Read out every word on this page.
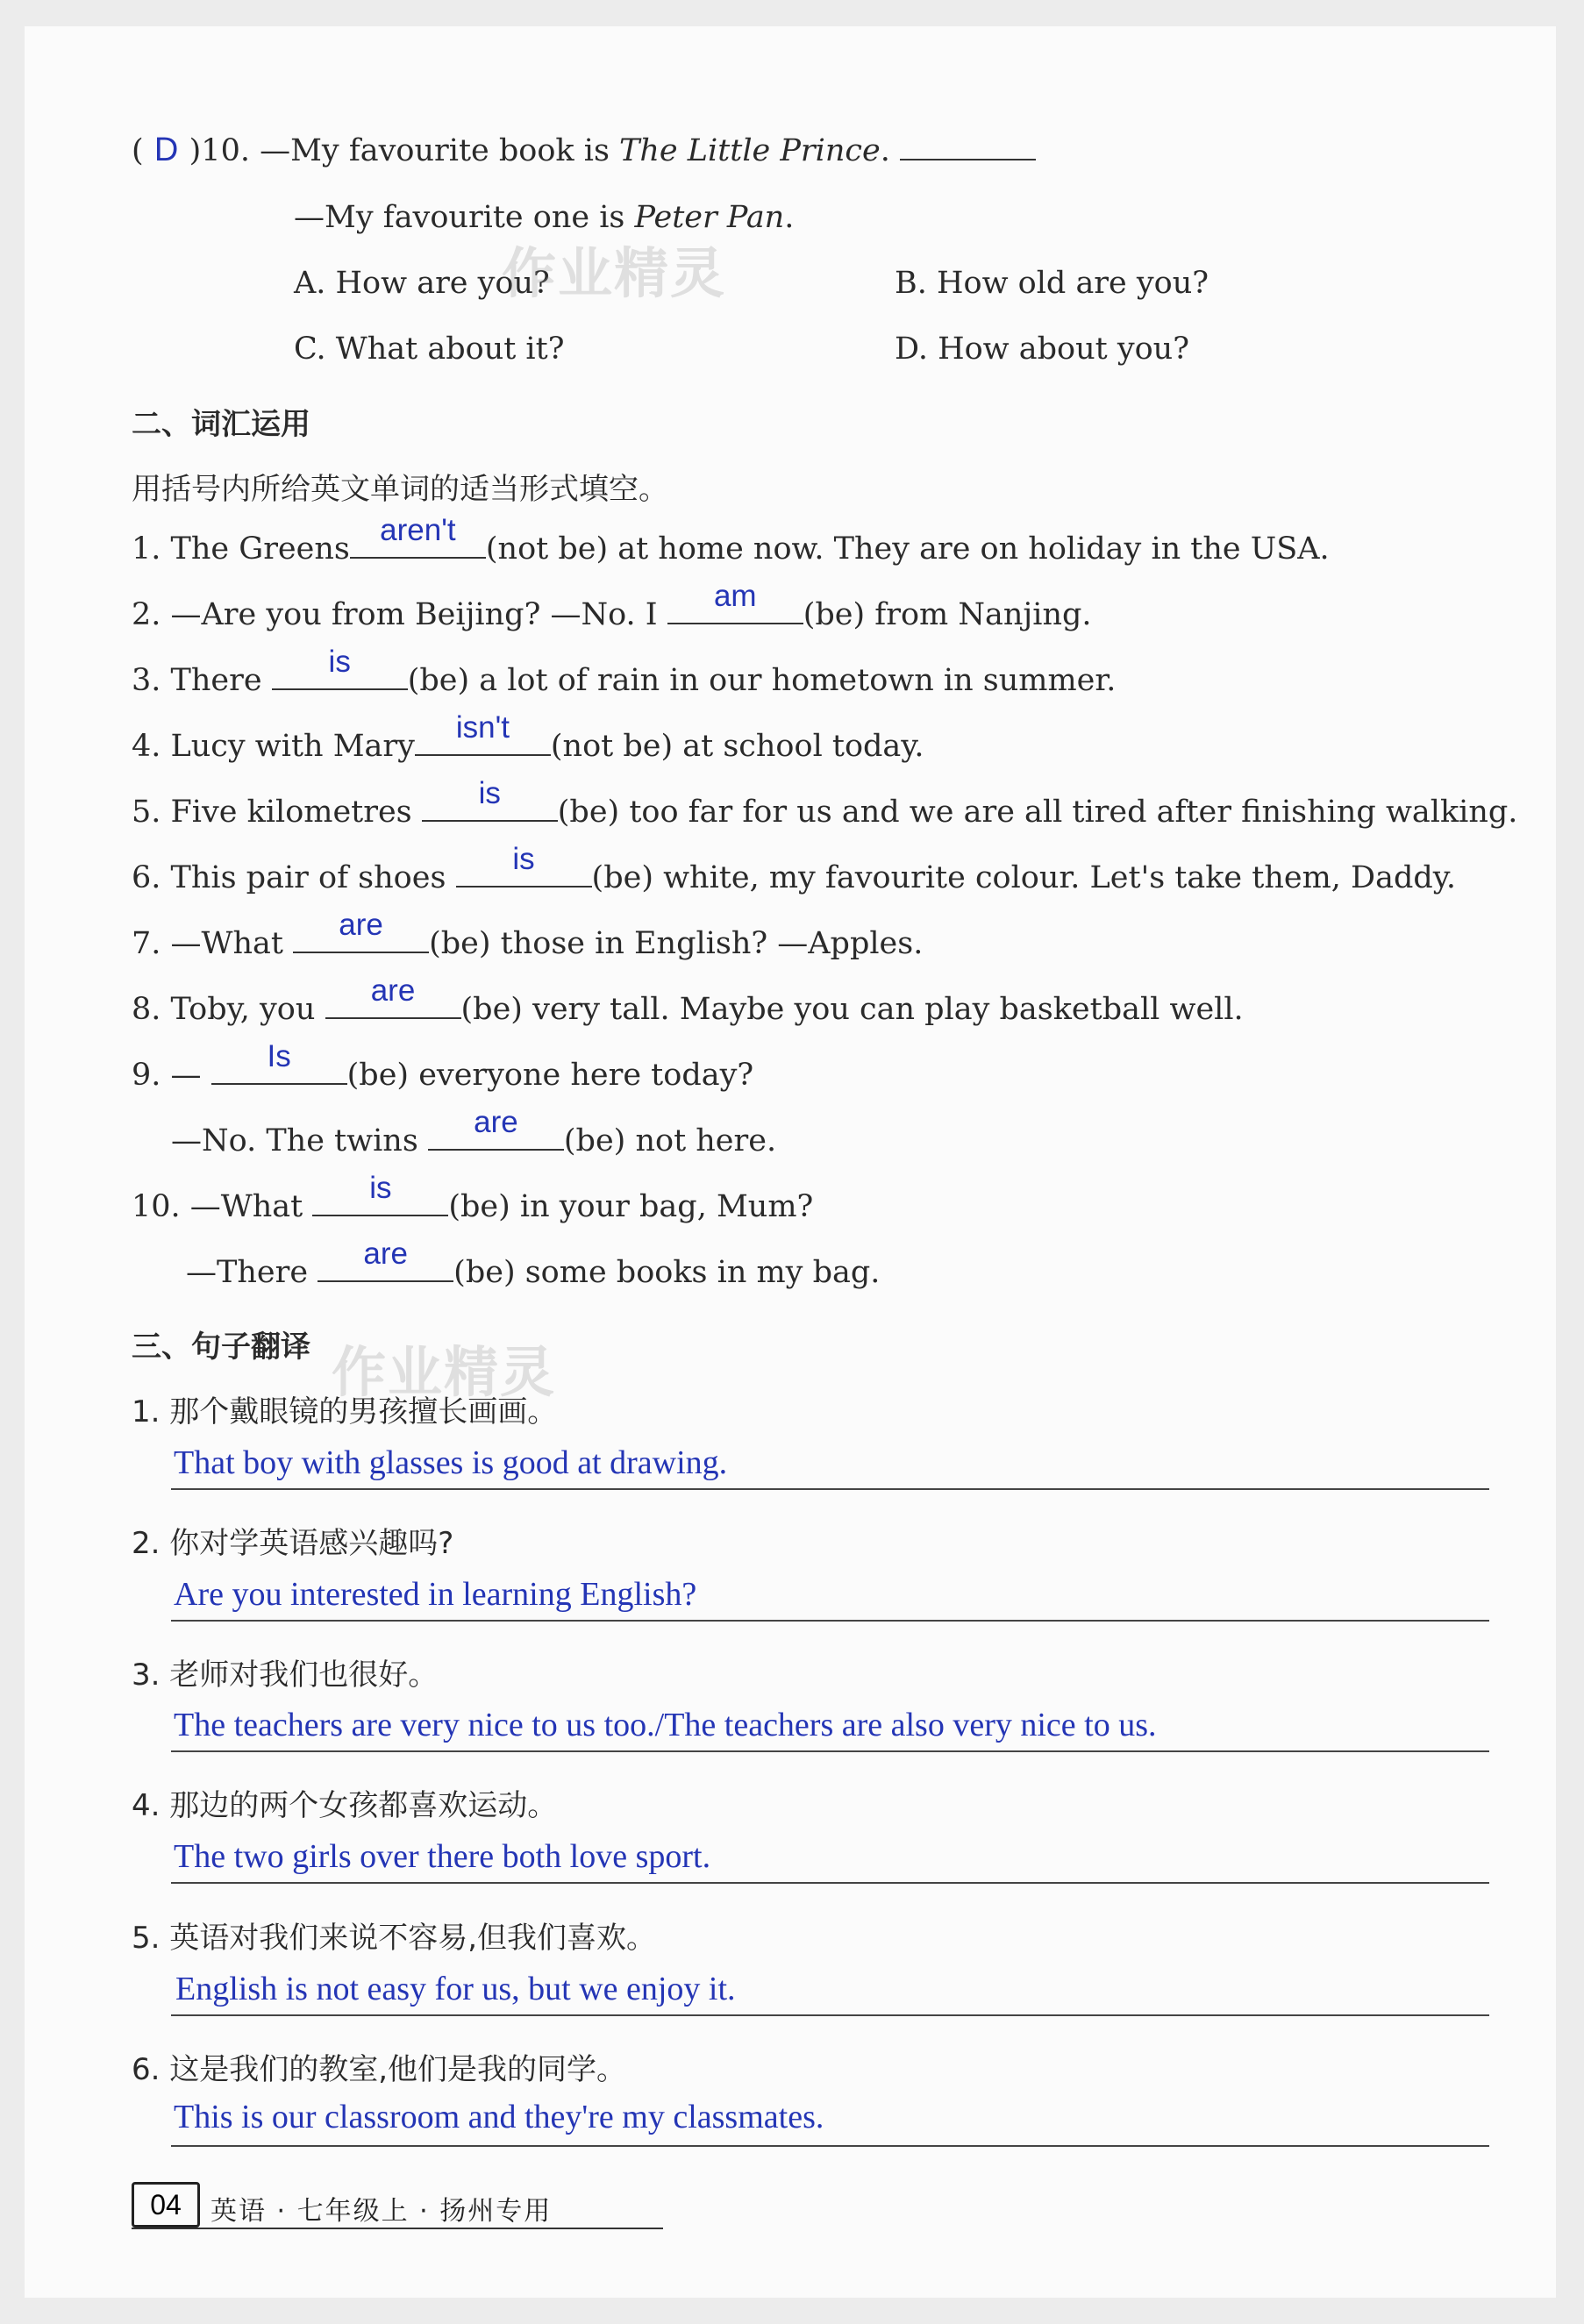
( D )10. —My favourite book is The Little Prince.
—My favourite one is Peter Pan.
A. How are you?	B. How old are you?
C. What about it?	D. How about you?
二、词汇运用
用括号内所给英文单词的适当形式填空。
1. The Greens
aren't
(not be) at home now. They are on holiday in the USA.
2. —Are you from Beijing? —No. I
am
(be) from Nanjing.
3. There
is
(be) a lot of rain in our hometown in summer.
4. Lucy with Mary
isn't
(not be) at school today.
5. Five kilometres
is
(be) too far for us and we are all tired after finishing walking.
6. This pair of shoes
is
(be) white, my favourite colour. Let's take them, Daddy.
7. —What
are
(be) those in English? —Apples.
8. Toby, you
are
(be) very tall. Maybe you can play basketball well.
9. —
Is
(be) everyone here today?
—No. The twins
are
(be) not here.
10. —What
is
(be) in your bag, Mum?
—There
are
(be) some books in my bag.
三、句子翻译
1. 那个戴眼镜的男孩擅长画画。
That boy with glasses is good at drawing.
2. 你对学英语感兴趣吗?
Are you interested in learning English?
3. 老师对我们也很好。
The teachers are very nice to us too./The teachers are also very nice to us.
4. 那边的两个女孩都喜欢运动。
The two girls over there both love sport.
5. 英语对我们来说不容易,但我们喜欢。
English is not easy for us, but we enjoy it.
6. 这是我们的教室,他们是我的同学。
This is our classroom and they're my classmates.
作业精灵
作业精灵
04	英语 · 七年级上 · 扬州专用
